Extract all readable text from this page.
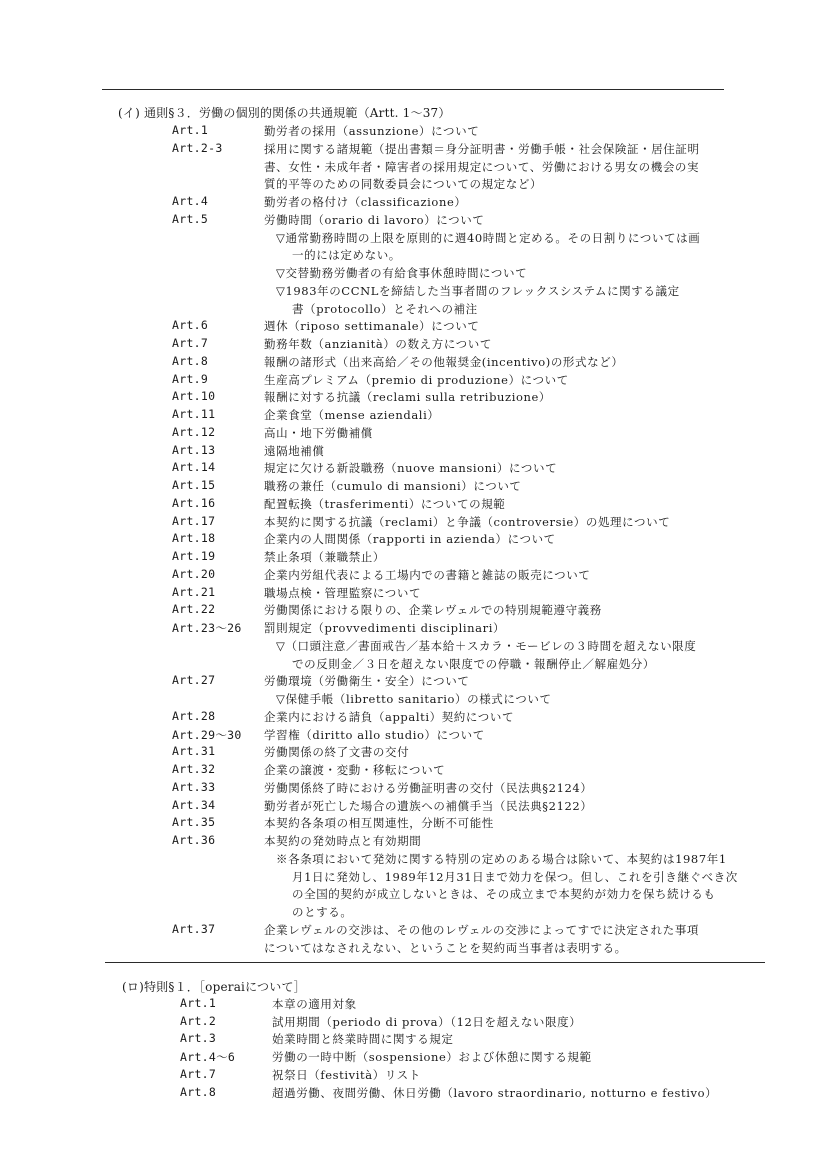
(イ) 通則§３．労働の個別的関係の共通規範（Artt. 1～37）
Art.1	勤労者の採用（assunzione）について
Art.2-3	採用に関する諸規範（提出書類＝身分証明書・労働手帳・社会保険証・居住証明
書、女性・未成年者・障害者の採用規定について、労働における男女の機会の実
質的平等のための同数委員会についての規定など）
Art.4	勤労者の格付け（classificazione）
Art.5	労働時間（orario di lavoro）について
▽通常勤務時間の上限を原則的に週40時間と定める。その日割りについては画
一的には定めない。
▽交替勤務労働者の有給食事休憩時間について
▽1983年のCCNLを締結した当事者間のフレックスシステムに関する議定
書（protocollo）とそれへの補注
Art.6	週休（riposo settimanale）について
Art.7	勤務年数（anzianità）の数え方について
Art.8	報酬の諸形式（出来高給／その他報奨金(incentivo)の形式など）
Art.9	生産高プレミアム（premio di produzione）について
Art.10	報酬に対する抗議（reclami sulla retribuzione）
Art.11	企業食堂（mense aziendali）
Art.12	高山・地下労働補償
Art.13	遠隔地補償
Art.14	規定に欠ける新設職務（nuove mansioni）について
Art.15	職務の兼任（cumulo di mansioni）について
Art.16	配置転換（trasferimenti）についての規範
Art.17	本契約に関する抗議（reclami）と争議（controversie）の処理について
Art.18	企業内の人間関係（rapporti in azienda）について
Art.19	禁止条項（兼職禁止）
Art.20	企業内労組代表による工場内での書籍と雑誌の販売について
Art.21	職場点検・管理監察について
Art.22	労働関係における限りの、企業レヴェルでの特別規範遵守義務
Art.23～26 罰則規定（provvedimenti disciplinari）
▽（口頭注意／書面戒告／基本給＋スカラ・モービレの３時間を超えない限度
での反則金／３日を超えない限度での停職・報酬停止／解雇処分）
Art.27	労働環境（労働衛生・安全）について
▽保健手帳（libretto sanitario）の様式について
Art.28	企業内における請負（appalti）契約について
Art.29～30 学習権（diritto allo studio）について
Art.31	労働関係の終了文書の交付
Art.32	企業の譲渡・変動・移転について
Art.33	労働関係終了時における労働証明書の交付（民法典§2124）
Art.34	勤労者が死亡した場合の遺族への補償手当（民法典§2122）
Art.35	本契約各条項の相互関連性，分断不可能性
Art.36	本契約の発効時点と有効期間
※各条項において発効に関する特別の定めのある場合は除いて、本契約は1987年1
月1日に発効し、1989年12月31日まで効力を保つ。但し、これを引き継ぐべき次
の全国的契約が成立しないときは、その成立まで本契約が効力を保ち続けるも
のとする。
Art.37	企業レヴェルの交渉は、その他のレヴェルの交渉によってすでに決定された事項
についてはなされえない、ということを契約両当事者は表明する。
(ロ)特則§１．［operaiについて］
Art.1	本章の適用対象
Art.2	試用期間（periodo di prova）（12日を超えない限度）
Art.3	始業時間と終業時間に関する規定
Art.4～6	労働の一時中断（sospensione）および休憩に関する規範
Art.7	祝祭日（festività）リスト
Art.8	超過労働、夜間労働、休日労働（lavoro straordinario, notturno e festivo）
